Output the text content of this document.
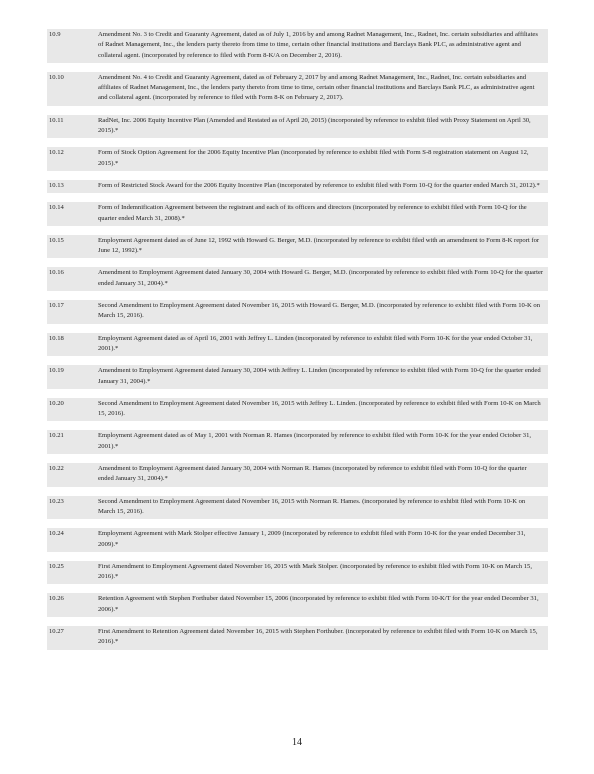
10.9	Amendment No. 3 to Credit and Guaranty Agreement, dated as of July 1, 2016 by and among Radnet Management, Inc., Radnet, Inc. certain subsidiaries and affiliates of Radnet Management, Inc., the lenders party thereto from time to time, certain other financial institutions and Barclays Bank PLC, as administrative agent and collateral agent. (incorporated by reference to filed with Form 8-K/A on December 2, 2016).
10.10	Amendment No. 4 to Credit and Guaranty Agreement, dated as of February 2, 2017 by and among Radnet Management, Inc., Radnet, Inc. certain subsidiaries and affiliates of Radnet Management, Inc., the lenders party thereto from time to time, certain other financial institutions and Barclays Bank PLC, as administrative agent and collateral agent. (incorporated by reference to filed with Form 8-K on February 2, 2017).
10.11	RadNet, Inc. 2006 Equity Incentive Plan (Amended and Restated as of April 20, 2015) (incorporated by reference to exhibit filed with Proxy Statement on April 30, 2015).*
10.12	Form of Stock Option Agreement for the 2006 Equity Incentive Plan (incorporated by reference to exhibit filed with Form S-8 registration statement on August 12, 2015).*
10.13	Form of Restricted Stock Award for the 2006 Equity Incentive Plan (incorporated by reference to exhibit filed with Form 10-Q for the quarter ended March 31, 2012).*
10.14	Form of Indemnification Agreement between the registrant and each of its officers and directors (incorporated by reference to exhibit filed with Form 10-Q for the quarter ended March 31, 2008).*
10.15	Employment Agreement dated as of June 12, 1992 with Howard G. Berger, M.D. (incorporated by reference to exhibit filed with an amendment to Form 8-K report for June 12, 1992).*
10.16	Amendment to Employment Agreement dated January 30, 2004 with Howard G. Berger, M.D. (incorporated by reference to exhibit filed with Form 10-Q for the quarter ended January 31, 2004).*
10.17	Second Amendment to Employment Agreement dated November 16, 2015 with Howard G. Berger, M.D. (incorporated by reference to exhibit filed with Form 10-K on March 15, 2016).
10.18	Employment Agreement dated as of April 16, 2001 with Jeffrey L. Linden (incorporated by reference to exhibit filed with Form 10-K for the year ended October 31, 2001).*
10.19	Amendment to Employment Agreement dated January 30, 2004 with Jeffrey L. Linden (incorporated by reference to exhibit filed with Form 10-Q for the quarter ended January 31, 2004).*
10.20	Second Amendment to Employment Agreement dated November 16, 2015 with Jeffrey L. Linden. (incorporated by reference to exhibit filed with Form 10-K on March 15, 2016).
10.21	Employment Agreement dated as of May 1, 2001 with Norman R. Hames (incorporated by reference to exhibit filed with Form 10-K for the year ended October 31, 2001).*
10.22	Amendment to Employment Agreement dated January 30, 2004 with Norman R. Hames (incorporated by reference to exhibit filed with Form 10-Q for the quarter ended January 31, 2004).*
10.23	Second Amendment to Employment Agreement dated November 16, 2015 with Norman R. Hames. (incorporated by reference to exhibit filed with Form 10-K on March 15, 2016).
10.24	Employment Agreement with Mark Stolper effective January 1, 2009 (incorporated by reference to exhibit filed with Form 10-K for the year ended December 31, 2009).*
10.25	First Amendment to Employment Agreement dated November 16, 2015 with Mark Stolper. (incorporated by reference to exhibit filed with Form 10-K on March 15, 2016).*
10.26	Retention Agreement with Stephen Forthuber dated November 15, 2006 (incorporated by reference to exhibit filed with Form 10-K/T for the year ended December 31, 2006).*
10.27	First Amendment to Retention Agreement dated November 16, 2015 with Stephen Forthuber. (incorporated by reference to exhibit filed with Form 10-K on March 15, 2016).*
14
